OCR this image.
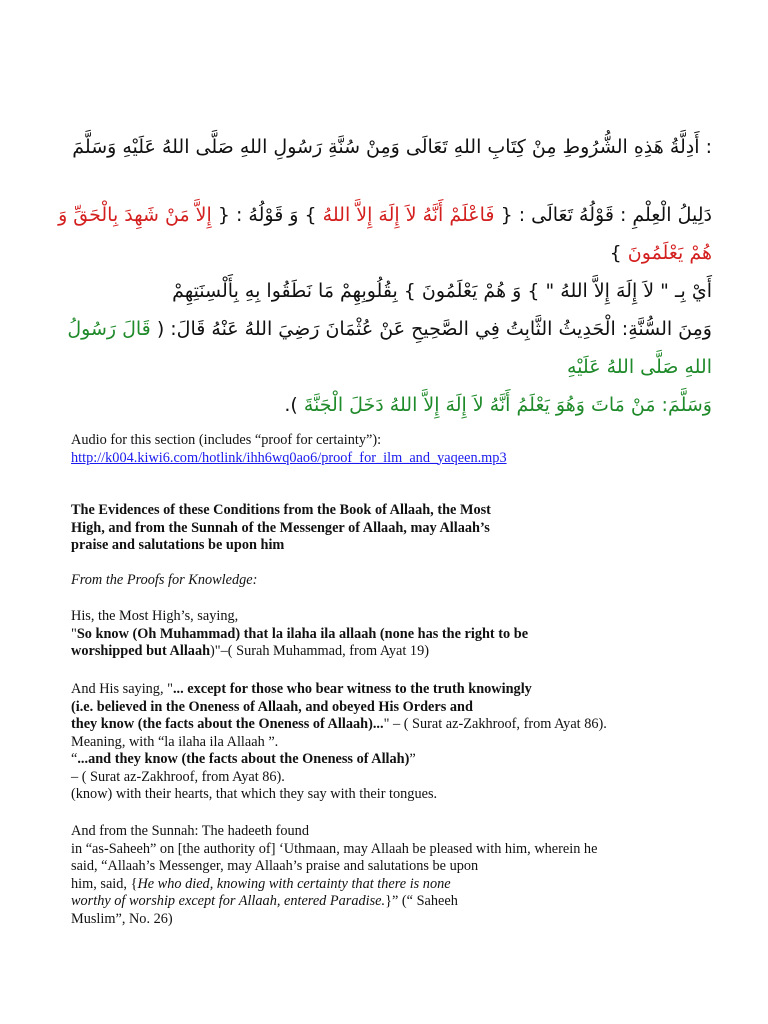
: أَدِلَّةُ هَذِهِ الشُّرُوطِ مِنْ كِتَابِ اللهِ تَعَالَى وَمِنْ سُنَّةِ رَسُولِ اللهِ صَلَّى اللهُ عَلَيْهِ وَسَلَّمَ
دَلِيلُ الْعِلْمِ : قَوْلُهُ تَعَالَى : { فَاعْلَمْ أَنَّهُ لاَ إِلَهَ إِلاَّ اللهُ } وَ قَوْلُهُ : { إِلاَّ مَنْ شَهِدَ بِالْحَقِّ وَ هُمْ يَعْلَمُونَ }
أَيْ بِـ " لاَ إِلَهَ إِلاَّ اللهُ " } وَ هُمْ يَعْلَمُونَ } بِقُلُوبِهِمْ مَا نَطَقُوا بِهِ بِأَلْسِنَتِهِمْ
وَمِنَ السُّنَّةِ: الْحَدِيثُ الثَّابِتُ فِي الصَّحِيحِ عَنْ عُثْمَانَ رَضِيَ اللهُ عَنْهُ قَالَ: ( قَالَ رَسُولُ اللهِ صَلَّى اللهُ عَلَيْهِ
وَسَلَّمَ: مَنْ مَاتَ وَهُوَ يَعْلَمُ أَنَّهُ لاَ إِلَهَ إِلاَّ اللهُ دَخَلَ الْجَنَّةَ ).

Audio for this section (includes “proof for certainty”):

http://k004.kiwi6.com/hotlink/ihh6wq0ao6/proof_for_ilm_and_yaqeen.mp3

The Evidences of these Conditions from the Book of Allaah, the Most

High, and from the Sunnah of the Messenger of Allaah, may Allaah’s

praise and salutations be upon him

From the Proofs for Knowledge:

His, the Most High’s, saying,

"So know (Oh Muhammad) that la ilaha ila allaah (none has the right to be

worshipped but Allaah)"–( Surah Muhammad, from Ayat 19)

And His saying, "... except for those who bear witness to the truth knowingly

(i.e. believed in the Oneness of Allaah, and obeyed His Orders and

they know (the facts about the Oneness of Allaah)..." – ( Surat az-Zakhroof, from Ayat 86).

Meaning, with “la ilaha ila Allaah ”.

“...and they know (the facts about the Oneness of Allah)”

– ( Surat az-Zakhroof, from Ayat 86).

(know) with their hearts, that which they say with their tongues.

And from the Sunnah: The hadeeth found

in “as-Saheeh” on [the authority of] ‘Uthmaan, may Allaah be pleased with him, wherein he

said, “Allaah’s Messenger, may Allaah’s praise and salutations be upon

him, said, {He who died, knowing with certainty that there is none

worthy of worship except for Allaah, entered Paradise.}” (“ Saheeh

Muslim”, No. 26)
